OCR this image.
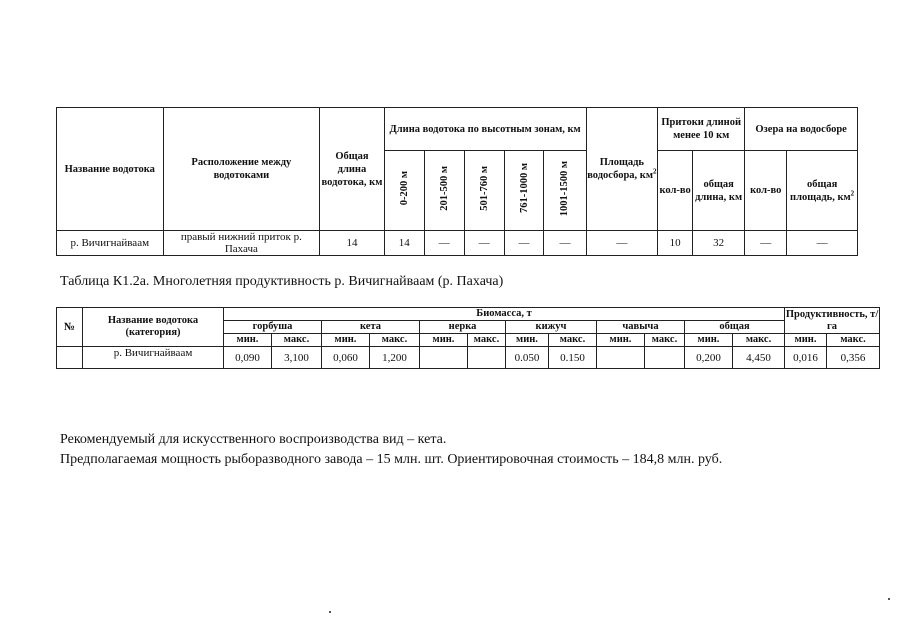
Название водотока	Расположение между водотоками	Общая длина водотока, км	Длина водотока по высотным зонам, км					Площадь водосбора, $км^2$	Притоки длиной менее 10 км		Озера на водосборе	
			0-200 м	201-500 м	501-760 м	761-1000 м	1001-1500 м		кол-во	общая длина, км	кол-во	общая площадь, $км^2$
р. Вичигнайваам	правый нижний приток р. Пахача	14	14	—	—	—	—	—	10	32	—	—
Таблица К1.2а. Многолетняя продуктивность р. Вичигнайваам (р. Пахача)
№	Название водотока (категория)	Биомасса, т												Продуктивность, т/га	
		горбуша		кета		нерка		кижуч		чавыча		общая			
		мин.	макс.	мин.	макс.	мин.	макс.	мин.	макс.	мин.	макс.	мин.	макс.	мин.	макс.
	р. Вичигнайваам	0,090	3,100	0,060	1,200			0.050	0.150			0,200	4,450	0,016	0,356
Рекомендуемый для искусственного воспроизводства вид – кета.
Предполагаемая мощность рыборазводного завода – 15 млн. шт. Ориентировочная стоимость – 184,8 млн. руб.
